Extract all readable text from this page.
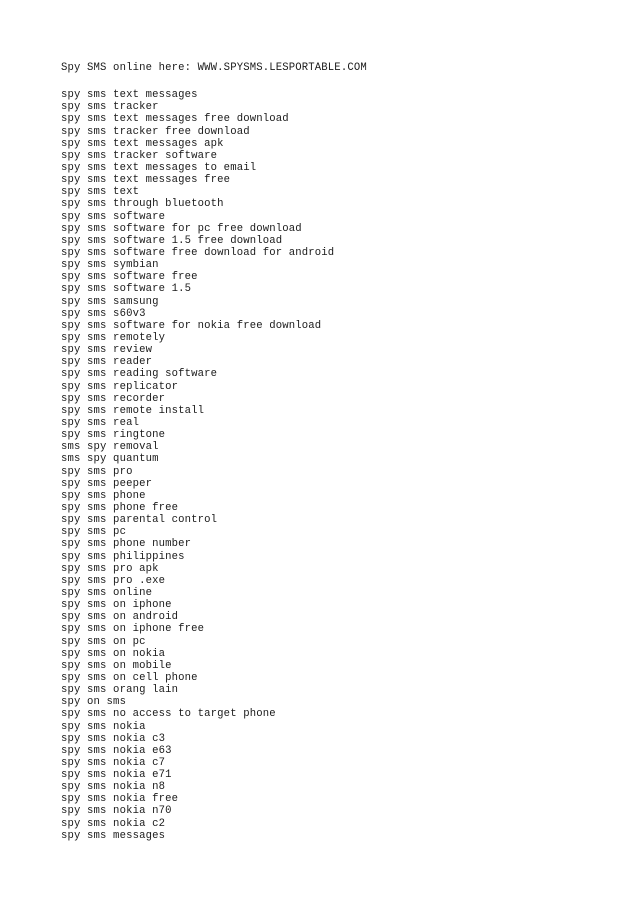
Spy SMS online here: WWW.SPYSMS.LESPORTABLE.COM

spy sms text messages
spy sms tracker
spy sms text messages free download
spy sms tracker free download
spy sms text messages apk
spy sms tracker software
spy sms text messages to email
spy sms text messages free
spy sms text
spy sms through bluetooth
spy sms software
spy sms software for pc free download
spy sms software 1.5 free download
spy sms software free download for android
spy sms symbian
spy sms software free
spy sms software 1.5
spy sms samsung
spy sms s60v3
spy sms software for nokia free download
spy sms remotely
spy sms review
spy sms reader
spy sms reading software
spy sms replicator
spy sms recorder
spy sms remote install
spy sms real
spy sms ringtone
sms spy removal
sms spy quantum
spy sms pro
spy sms peeper
spy sms phone
spy sms phone free
spy sms parental control
spy sms pc
spy sms phone number
spy sms philippines
spy sms pro apk
spy sms pro .exe
spy sms online
spy sms on iphone
spy sms on android
spy sms on iphone free
spy sms on pc
spy sms on nokia
spy sms on mobile
spy sms on cell phone
spy sms orang lain
spy on sms
spy sms no access to target phone
spy sms nokia
spy sms nokia c3
spy sms nokia e63
spy sms nokia c7
spy sms nokia e71
spy sms nokia n8
spy sms nokia free
spy sms nokia n70
spy sms nokia c2
spy sms messages
